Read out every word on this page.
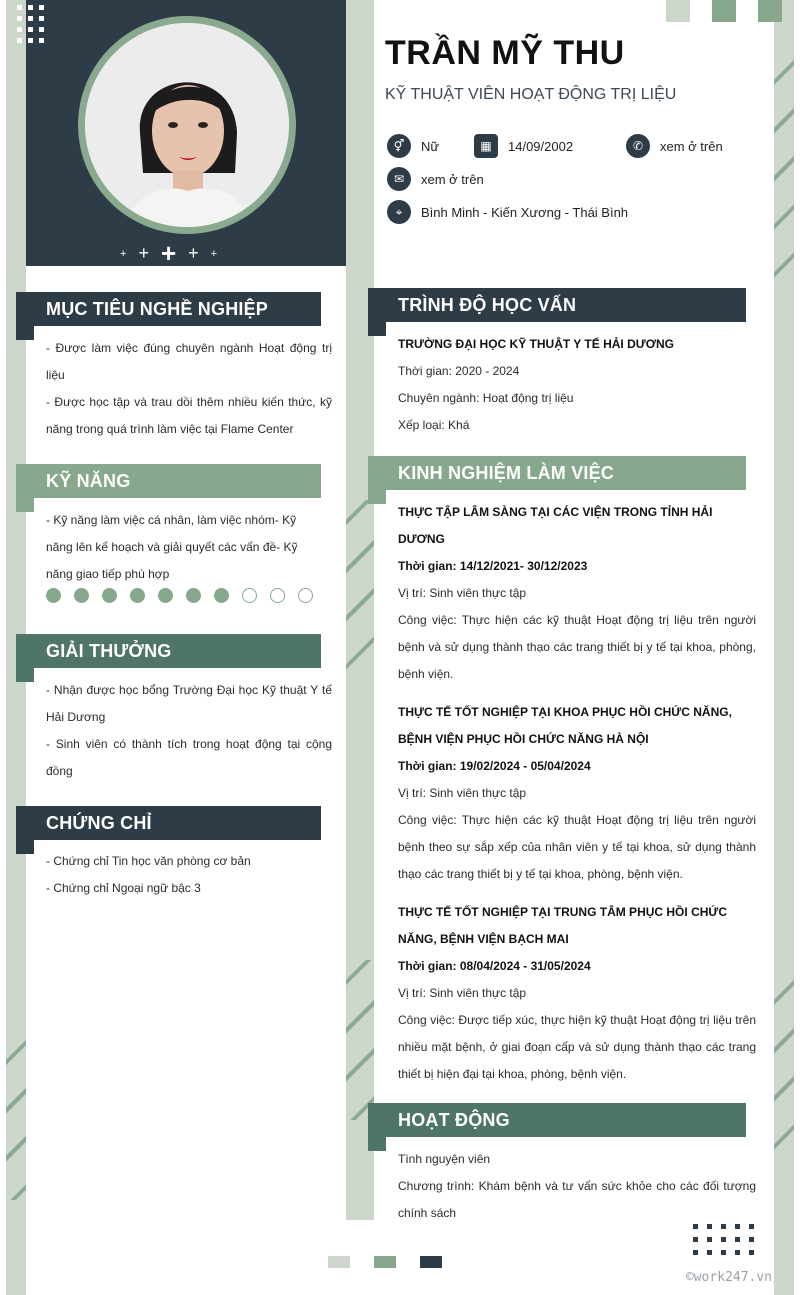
+ + + + +
TRẦN MỸ THU
KỸ THUẬT VIÊN HOẠT ĐỘNG TRỊ LIỆU
⚥	Nữ	▦	14/09/2002	✆	xem ở trên
✉	xem ở trên
⌖	Bình Minh - Kiến Xương - Thái Bình
MỤC TIÊU NGHỀ NGHIỆP

- Được làm việc đúng chuyên ngành Hoạt động trị liệu

- Được học tập và trau dồi thêm nhiều kiến thức, kỹ năng trong quá trình làm việc tại Flame Center

KỸ NĂNG

- Kỹ năng làm việc cá nhân, làm việc nhóm- Kỹ năng lên kế hoạch và giải quyết các vấn đề- Kỹ năng giao tiếp phù hợp

GIẢI THƯỞNG

- Nhận được học bổng Trường Đại học Kỹ thuật Y tế Hải Dương

- Sinh viên có thành tích trong hoạt động tại cộng đồng

CHỨNG CHỈ

- Chứng chỉ Tin học văn phòng cơ bản

- Chứng chỉ Ngoại ngữ bậc 3

TRÌNH ĐỘ HỌC VẤN

TRƯỜNG ĐẠI HỌC KỸ THUẬT Y TẾ HẢI DƯƠNG

Thời gian: 2020 - 2024

Chuyên ngành: Hoạt động trị liệu

Xếp loại: Khá

KINH NGHIỆM LÀM VIỆC

THỰC TẬP LÂM SÀNG TẠI CÁC VIỆN TRONG TỈNH HẢI DƯƠNG

Thời gian: 14/12/2021- 30/12/2023

Vị trí: Sinh viên thực tập

Công việc: Thực hiện các kỹ thuật Hoạt động trị liệu trên người bệnh và sử dụng thành thạo các trang thiết bị y tế tại khoa, phòng, bệnh viện.

THỰC TẾ TỐT NGHIỆP TẠI KHOA PHỤC HỒI CHỨC NĂNG, BỆNH VIỆN PHỤC HỒI CHỨC NĂNG HÀ NỘI

Thời gian: 19/02/2024 - 05/04/2024

Vị trí: Sinh viên thực tập

Công việc: Thực hiện các kỹ thuật Hoạt động trị liệu trên người bệnh theo sự sắp xếp của nhân viên y tế tại khoa, sử dụng thành thạo các trang thiết bị y tế tại khoa, phòng, bệnh viện.

THỰC TẾ TỐT NGHIỆP TẠI TRUNG TÂM PHỤC HỒI CHỨC NĂNG, BỆNH VIỆN BẠCH MAI

Thời gian: 08/04/2024 - 31/05/2024

Vị trí: Sinh viên thực tập

Công việc: Được tiếp xúc, thực hiện kỹ thuật Hoạt động trị liệu trên nhiều mặt bệnh, ở giai đoạn cấp và sử dụng thành thạo các trang thiết bị hiện đại tại khoa, phòng, bệnh viện.

HOẠT ĐỘNG

Tình nguyện viên

Chương trình: Khám bệnh và tư vấn sức khỏe cho các đối tượng chính sách

©work247.vn
